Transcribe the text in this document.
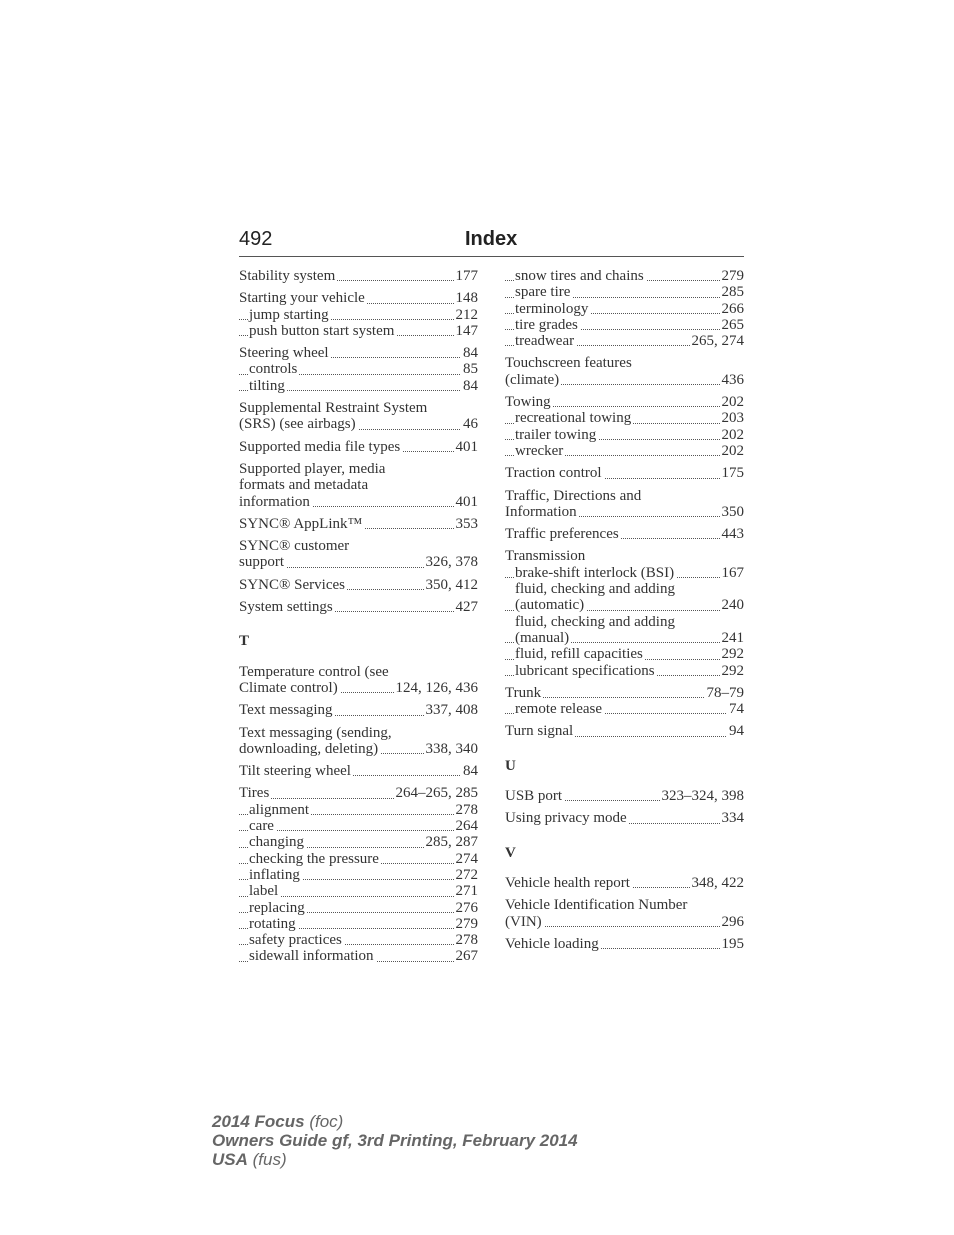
492	Index
Stability system	177
Starting your vehicle	148
jump starting	212
push button start system	147
Steering wheel	84
controls	85
tilting	84
Supplemental Restraint System
(SRS) (see airbags)	46
Supported media file types	401
Supported player, media
formats and metadata
information	401
SYNC® AppLink™	353
SYNC® customer
support	326, 378
SYNC® Services	350, 412
System settings	427
T
Temperature control (see
Climate control)	124, 126, 436
Text messaging	337, 408
Text messaging (sending,
downloading, deleting)	338, 340
Tilt steering wheel	84
Tires	264–265, 285
alignment	278
care	264
changing	285, 287
checking the pressure	274
inflating	272
label	271
replacing	276
rotating	279
safety practices	278
sidewall information	267
snow tires and chains	279
spare tire	285
terminology	266
tire grades	265
treadwear	265, 274
Touchscreen features
(climate)	436
Towing	202
recreational towing	203
trailer towing	202
wrecker	202
Traction control	175
Traffic, Directions and
Information	350
Traffic preferences	443
Transmission
brake-shift interlock (BSI)	167
fluid, checking and adding
(automatic)	240
fluid, checking and adding
(manual)	241
fluid, refill capacities	292
lubricant specifications	292
Trunk	78–79
remote release	74
Turn signal	94
U
USB port	323–324, 398
Using privacy mode	334
V
Vehicle health report	348, 422
Vehicle Identification Number
(VIN)	296
Vehicle loading	195
2014 Focus (foc)
Owners Guide gf, 3rd Printing, February 2014
USA (fus)
